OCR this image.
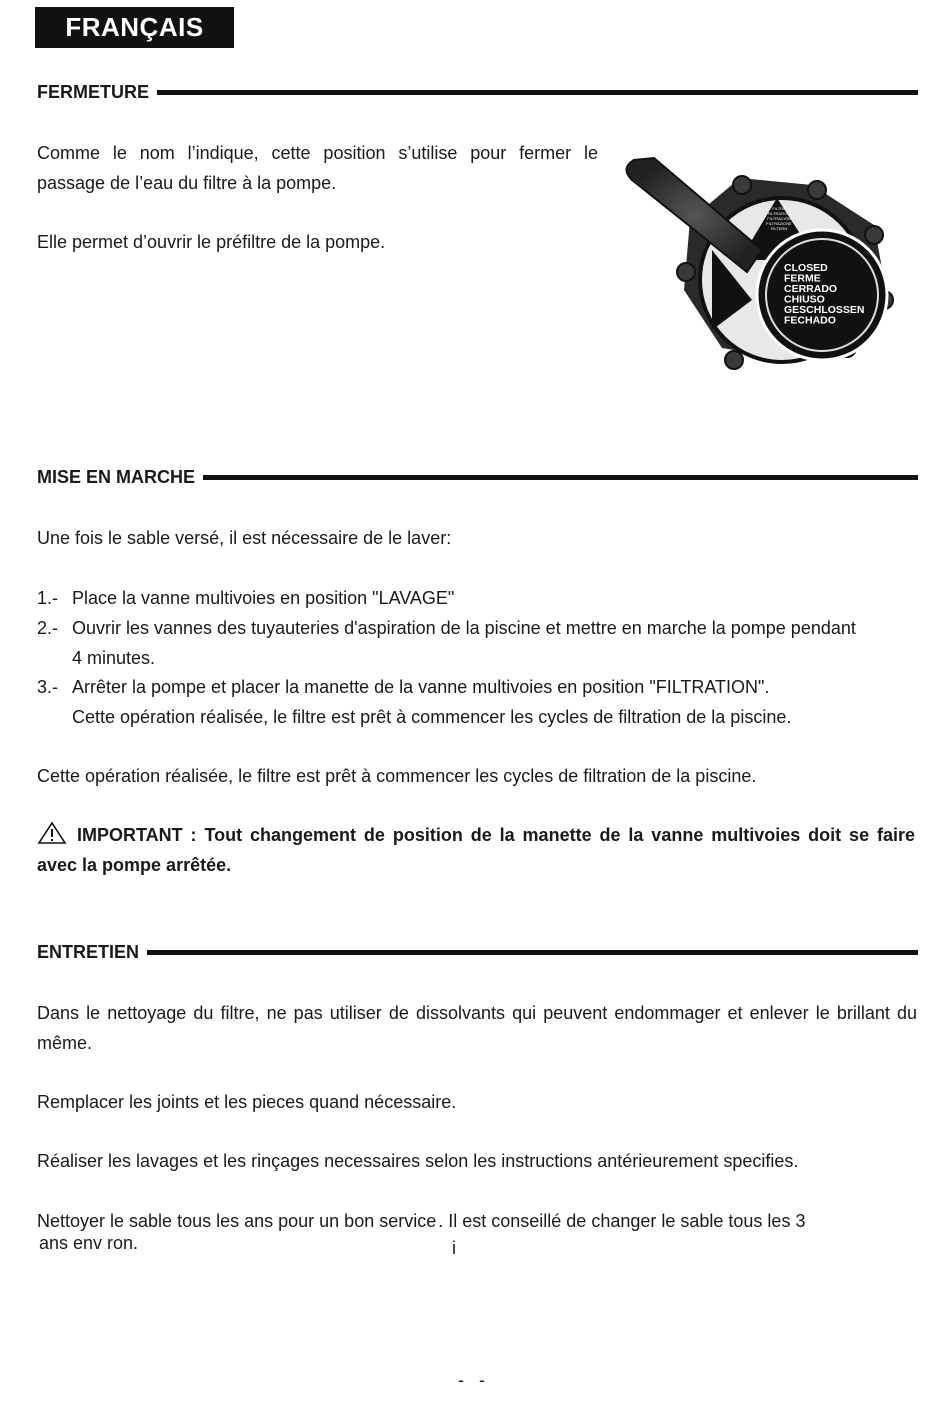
FRANÇAIS
FERMETURE
Comme le nom l’indique, cette position s’utilise pour fermer le
passage de l’eau du filtre à la pompe.

Elle permet d’ouvrir le préfiltre de la pompe.

FILTRE
FILTRATION
FILTRACIÓN
FILTRAZIONE
FILTERN
CLOSED
FERME
CERRADO
CHIUSO
GESCHLOSSEN
FECHADO
MISE EN MARCHE

Une fois le sable versé, il est nécessaire de le laver:

1.- Place la vanne multivoies en position "LAVAGE"
2.- Ouvrir les vannes des tuyauteries d'aspiration de la piscine et mettre en marche la pompe pendant
4 minutes.
3.- Arrêter la pompe et placer la manette de la vanne multivoies en position "FILTRATION".
Cette opération réalisée, le filtre est prêt à commencer les cycles de filtration de la piscine.

Cette opération réalisée, le filtre est prêt à commencer les cycles de filtration de la piscine.

IMPORTANT : Tout changement de position de la manette de la vanne multivoies doit se faire avec la pompe arrêtée.
ENTRETIEN

Dans le nettoyage du filtre, ne pas utiliser de dissolvants qui peuvent endommager et enlever le brillant du même.

Remplacer les joints et les pieces quand nécessaire.

Réaliser les lavages et les rinçages necessaires selon les instructions antérieurement specifies.

Nettoyer le sable tous les ans pour un bon service . Il est conseillé de changer le sable tous les 3
ans env ron.	i
-   -
